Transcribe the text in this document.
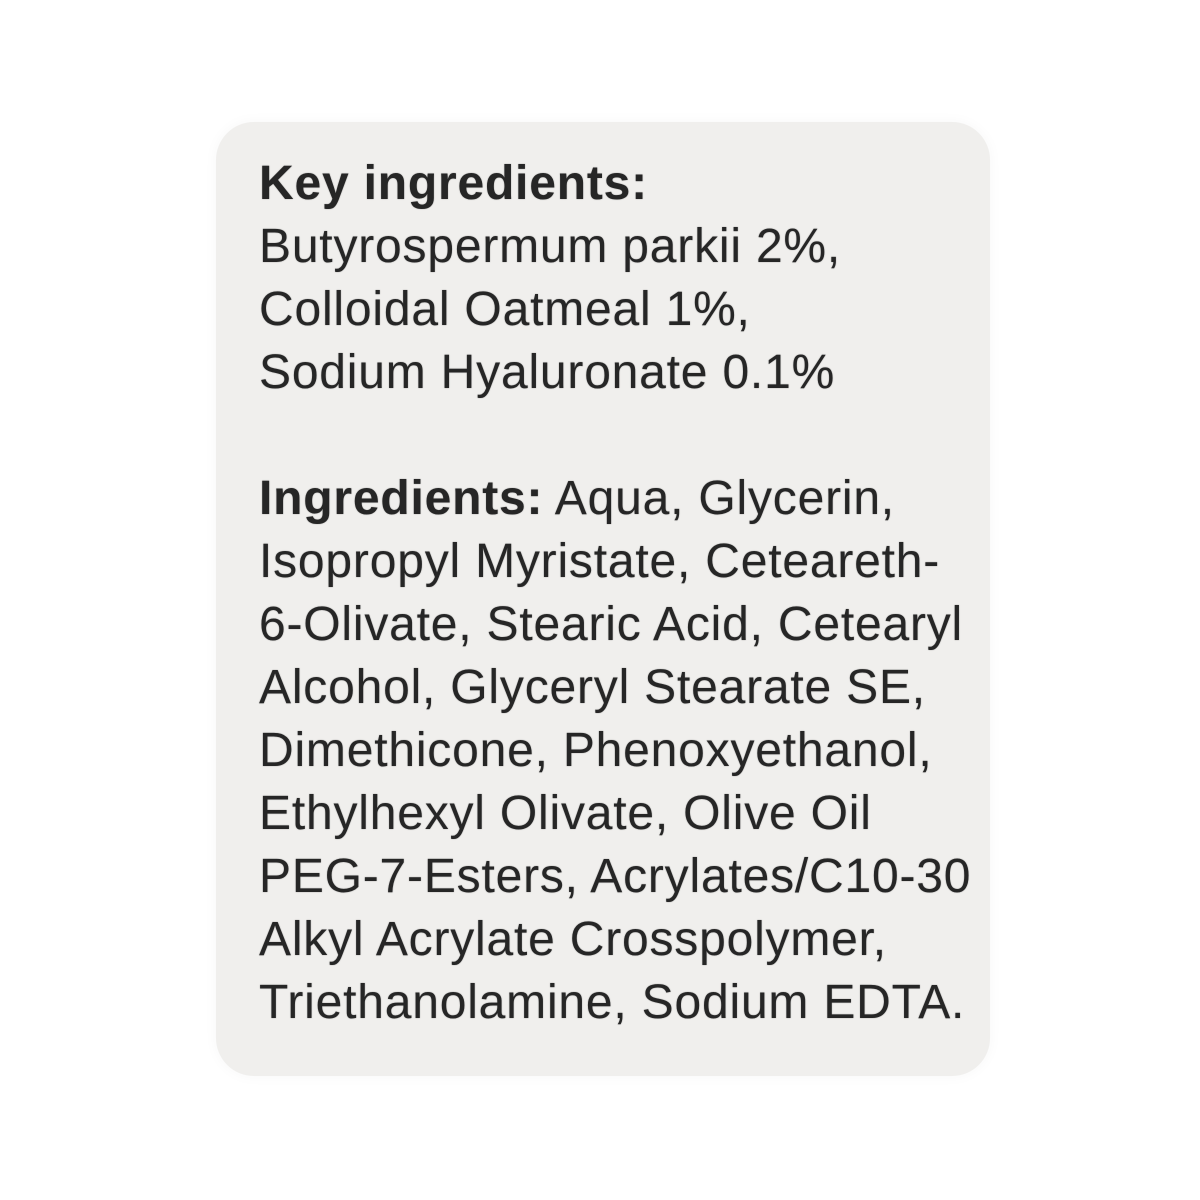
Key ingredients:
Butyrospermum parkii 2%,
Colloidal Oatmeal 1%,
Sodium Hyaluronate 0.1%

Ingredients: Aqua, Glycerin,
Isopropyl Myristate, Ceteareth-
6-Olivate, Stearic Acid, Cetearyl
Alcohol, Glyceryl Stearate SE,
Dimethicone, Phenoxyethanol,
Ethylhexyl Olivate, Olive Oil
PEG-7-Esters, Acrylates/C10-30
Alkyl Acrylate Crosspolymer,
Triethanolamine, Sodium EDTA.
